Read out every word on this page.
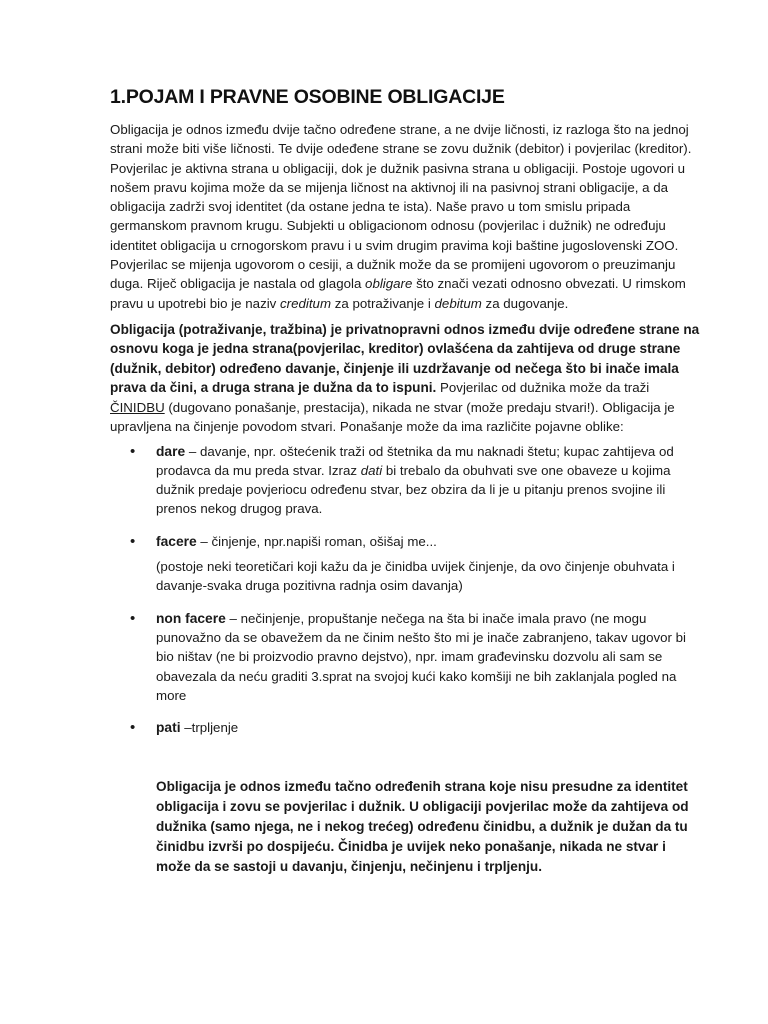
1.POJAM I PRAVNE OSOBINE OBLIGACIJE

Obligacija je odnos između dvije tačno određene strane, a ne dvije ličnosti, iz razloga što na jednoj strani može biti više ličnosti. Te dvije odeđene strane se zovu dužnik (debitor) i povjerilac (kreditor). Povjerilac je aktivna strana u obligaciji, dok je dužnik pasivna strana u obligaciji. Postoje ugovori u nošem pravu kojima može da se mijenja ličnost na aktivnoj ili na pasivnoj strani obligacije, a da obligacija zadrži svoj identitet (da ostane jedna te ista). Naše pravo u tom smislu pripada germanskom pravnom krugu. Subjekti u obligacionom odnosu (povjerilac i dužnik) ne određuju identitet obligacija u crnogorskom pravu i u svim drugim pravima koji baštine jugoslovenski ZOO. Povjerilac se mijenja ugovorom o cesiji, a dužnik može da se promijeni ugovorom o preuzimanju duga. Riječ obligacija je nastala od glagola obligare što znači vezati odnosno obvezati. U rimskom pravu u upotrebi bio je naziv creditum za potraživanje i debitum za dugovanje.

Obligacija (potraživanje, tražbina) je privatnopravni odnos između dvije određene strane na osnovu koga je jedna strana(povjerilac, kreditor) ovlašćena da zahtijeva od druge strane (dužnik, debitor) određeno davanje, činjenje ili uzdržavanje od nečega što bi inače imala prava da čini, a druga strana je dužna da to ispuni. Povjerilac od dužnika može da traži ČINIDBU (dugovano ponašanje, prestacija), nikada ne stvar (može predaju stvari!). Obligacija je upravljena na činjenje povodom stvari. Ponašanje može da ima različite pojavne oblike:

• dare – davanje, npr. oštećenik traži od štetnika da mu naknadi štetu; kupac zahtijeva od prodavca da mu preda stvar. Izraz dati bi trebalo da obuhvati sve one obaveze u kojima dužnik predaje povjeriocu određenu stvar, bez obzira da li je u pitanju prenos svojine ili prenos nekog drugog prava.
• facere – činjenje, npr.napiši roman, ošišaj me...

(postoje neki teoretičari koji kažu da je činidba uvijek činjenje, da ovo činjenje obuhvata i davanje-svaka druga pozitivna radnja osim davanja)

• non facere – nečinjenje, propuštanje nečega na šta bi inače imala pravo (ne mogu punovažno da se obavežem da ne činim nešto što mi je inače zabranjeno, takav ugovor bi bio ništav (ne bi proizvodio pravno dejstvo), npr. imam građevinsku dozvolu ali sam se obavezala da neću graditi 3.sprat na svojoj kući kako komšiji ne bih zaklanjala pogled na more
• pati –trpljenje

Obligacija je odnos između tačno određenih strana koje nisu presudne za identitet obligacija i zovu se povjerilac i dužnik. U obligaciji povjerilac može da zahtijeva od dužnika (samo njega, ne i nekog trećeg) određenu činidbu, a dužnik je dužan da tu činidbu izvrši po dospijeću. Činidba je uvijek neko ponašanje, nikada ne stvar i može da se sastoji u davanju, činjenju, nečinjenu i trpljenju.
